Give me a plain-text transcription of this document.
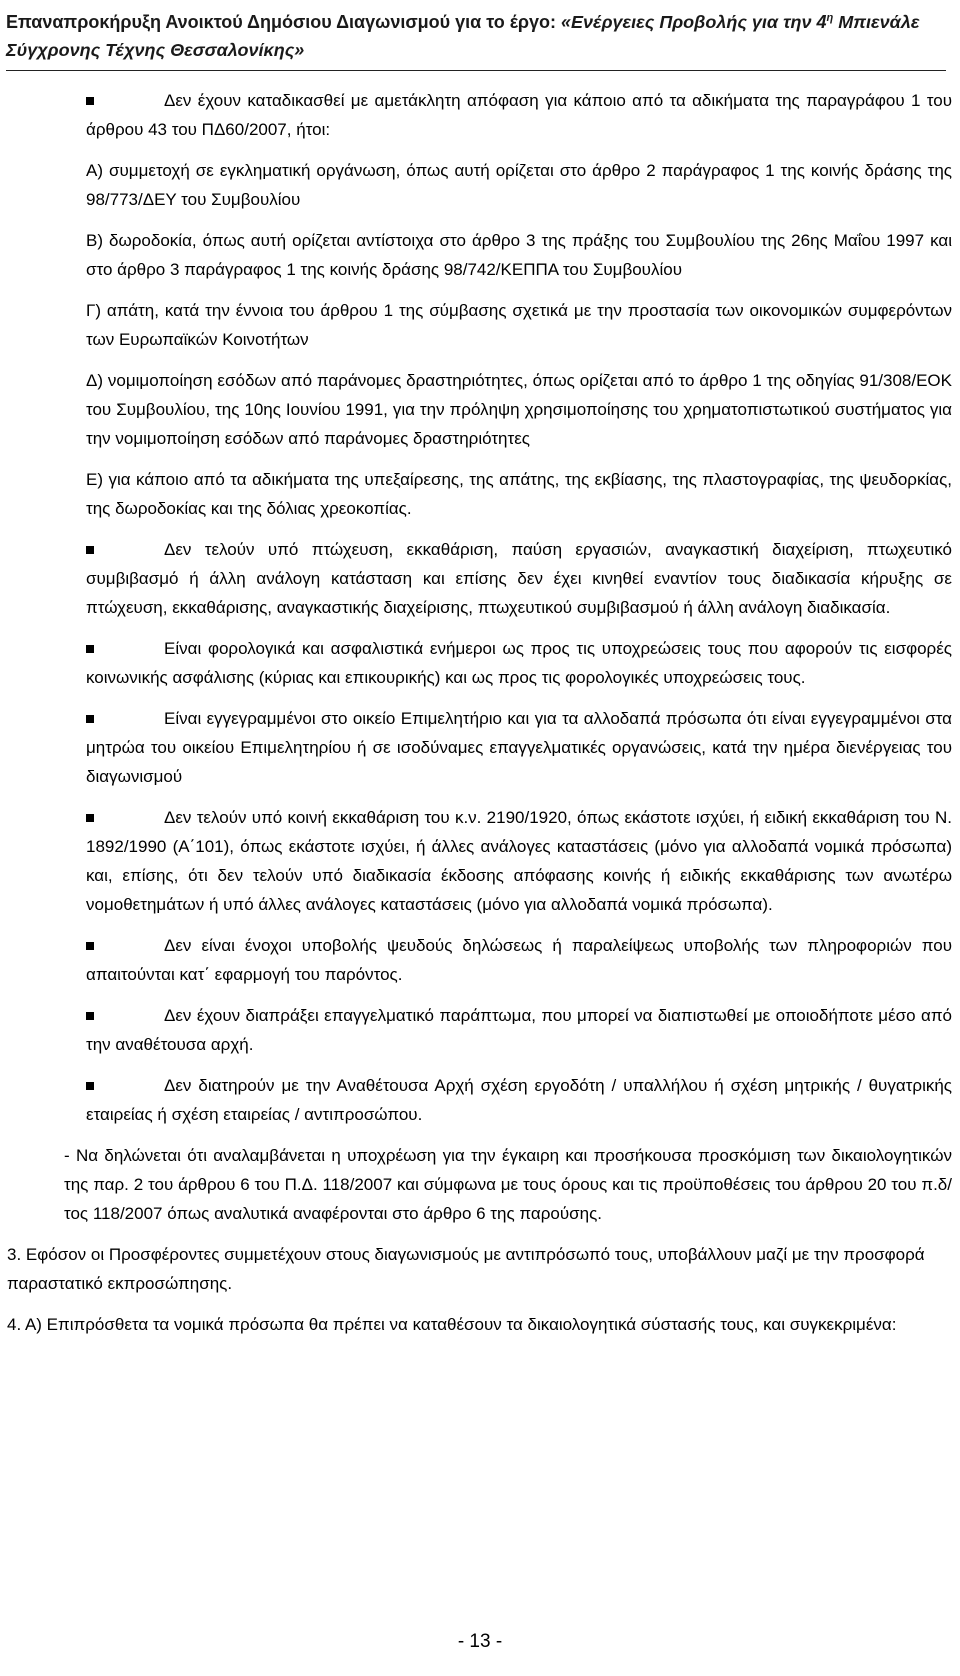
Επαναπροκήρυξη Ανοικτού Δημόσιου Διαγωνισμού για το έργο: «Ενέργειες Προβολής για την $4^\eta$ Μπιενάλε
Σύγχρονης Τέχνης Θεσσαλονίκης»
Δεν έχουν καταδικασθεί με αμετάκλητη απόφαση για κάποιο από τα αδικήματα της παραγράφου 1 του άρθρου 43 του ΠΔ60/2007, ήτοι:
Α) συμμετοχή σε εγκληματική οργάνωση, όπως αυτή ορίζεται στο άρθρο 2 παράγραφος 1 της κοινής δράσης της 98/773/ΔΕΥ του Συμβουλίου
Β) δωροδοκία, όπως αυτή ορίζεται αντίστοιχα στο άρθρο 3 της πράξης του Συμβουλίου της 26ης Μαΐου 1997 και στο άρθρο 3 παράγραφος 1 της κοινής δράσης 98/742/ΚΕΠΠΑ του Συμβουλίου
Γ) απάτη, κατά την έννοια του άρθρου 1 της σύμβασης σχετικά με την προστασία των οικονομικών συμφερόντων των Ευρωπαϊκών Κοινοτήτων
Δ) νομιμοποίηση εσόδων από παράνομες δραστηριότητες, όπως ορίζεται από το άρθρο 1 της οδηγίας 91/308/ΕΟΚ του Συμβουλίου, της 10ης Ιουνίου 1991, για την πρόληψη χρησιμοποίησης του χρηματοπιστωτικού συστήματος για την νομιμοποίηση εσόδων από παράνομες δραστηριότητες
Ε) για κάποιο από τα αδικήματα της υπεξαίρεσης, της απάτης, της εκβίασης, της πλαστογραφίας, της ψευδορκίας, της δωροδοκίας και της δόλιας χρεοκοπίας.
Δεν τελούν υπό πτώχευση, εκκαθάριση, παύση εργασιών, αναγκαστική διαχείριση, πτωχευτικό συμβιβασμό ή άλλη ανάλογη κατάσταση και επίσης δεν έχει κινηθεί εναντίον τους διαδικασία κήρυξης σε πτώχευση, εκκαθάρισης, αναγκαστικής διαχείρισης, πτωχευτικού συμβιβασμού ή άλλη ανάλογη διαδικασία.
Είναι φορολογικά και ασφαλιστικά ενήμεροι ως προς τις υποχρεώσεις τους που αφορούν τις εισφορές κοινωνικής ασφάλισης (κύριας και επικουρικής) και ως προς τις φορολογικές υποχρεώσεις τους.
Είναι εγγεγραμμένοι στο οικείο Επιμελητήριο και για τα αλλοδαπά πρόσωπα ότι είναι εγγεγραμμένοι στα μητρώα του οικείου Επιμελητηρίου ή σε ισοδύναμες επαγγελματικές οργανώσεις, κατά την ημέρα διενέργειας του διαγωνισμού
Δεν τελούν υπό κοινή εκκαθάριση του κ.ν. 2190/1920, όπως εκάστοτε ισχύει, ή ειδική εκκαθάριση του Ν. 1892/1990 (Α΄101), όπως εκάστοτε ισχύει, ή άλλες ανάλογες καταστάσεις (μόνο για αλλοδαπά νομικά πρόσωπα) και, επίσης, ότι δεν τελούν υπό διαδικασία έκδοσης απόφασης κοινής ή ειδικής εκκαθάρισης των ανωτέρω νομοθετημάτων ή υπό άλλες ανάλογες καταστάσεις (μόνο για αλλοδαπά νομικά πρόσωπα).
Δεν είναι ένοχοι υποβολής ψευδούς δηλώσεως ή παραλείψεως υποβολής των πληροφοριών που απαιτούνται κατ΄ εφαρμογή του παρόντος.
Δεν έχουν διαπράξει επαγγελματικό παράπτωμα, που μπορεί να διαπιστωθεί με οποιοδήποτε μέσο από την αναθέτουσα αρχή.
Δεν διατηρούν με την Αναθέτουσα Αρχή σχέση εργοδότη / υπαλλήλου ή σχέση μητρικής / θυγατρικής εταιρείας ή σχέση εταιρείας / αντιπροσώπου.
- Να δηλώνεται ότι αναλαμβάνεται η υποχρέωση για την έγκαιρη και προσήκουσα προσκόμιση των δικαιολογητικών της παρ. 2 του άρθρου 6 του Π.Δ. 118/2007 και σύμφωνα με τους όρους και τις προϋποθέσεις του άρθρου 20 του π.δ/τος 118/2007 όπως αναλυτικά αναφέρονται στο άρθρο 6 της παρούσης.
3. Εφόσον οι Προσφέροντες συμμετέχουν στους διαγωνισμούς με αντιπρόσωπό τους, υποβάλλουν μαζί με την προσφορά παραστατικό εκπροσώπησης.
4. Α) Επιπρόσθετα τα νομικά πρόσωπα θα πρέπει να καταθέσουν τα δικαιολογητικά σύστασής τους, και συγκεκριμένα:
- 13 -
